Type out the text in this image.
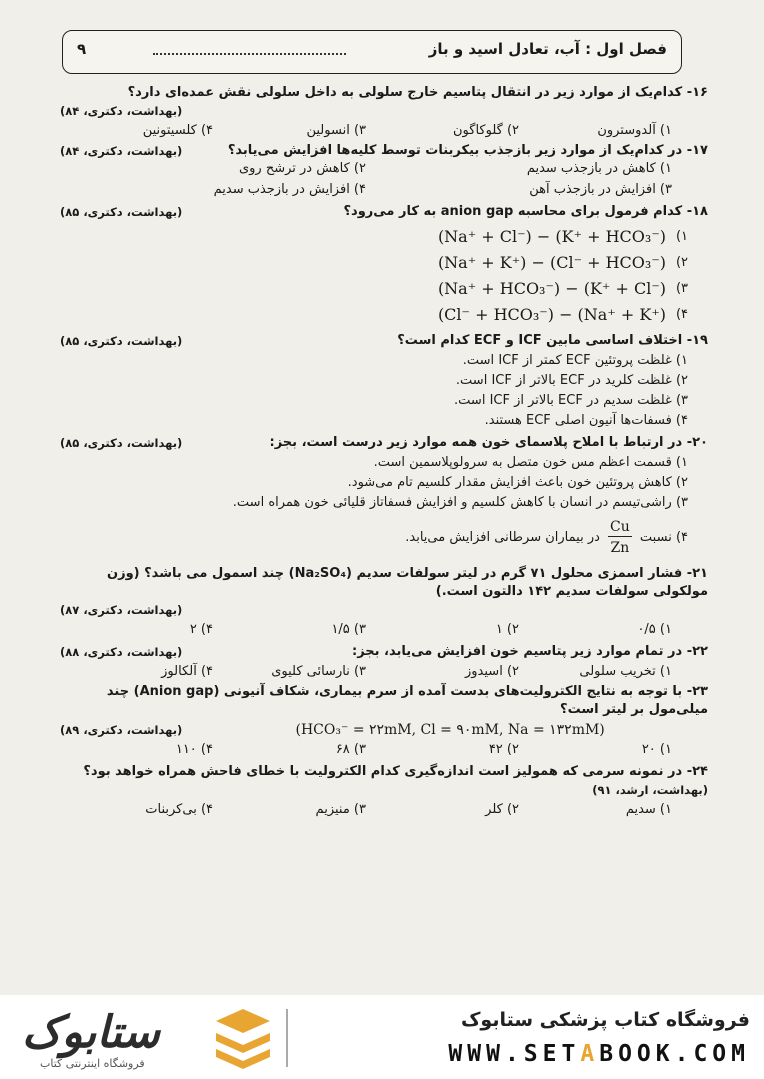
فصل اول : آب، تعادل اسید و باز
۹
۱۶- کدام‌یک از موارد زیر در انتقال پتاسیم خارج سلولی به داخل سلولی نقش عمده‌ای دارد؟
(بهداشت، دکتری، ۸۴)
۱) آلدوسترون
۲) گلوکاگون
۳) انسولین
۴) کلسیتونین
۱۷- در کدام‌یک از موارد زیر بازجذب بیکربنات توسط کلیه‌ها افزایش می‌یابد؟
(بهداشت، دکتری، ۸۴)
۱) کاهش در بازجذب سدیم
۲) کاهش در ترشح روی
۳) افزایش در بازجذب آهن
۴) افزایش در بازجذب سدیم
۱۸- کدام فرمول برای محاسبه anion gap به کار می‌رود؟
(بهداشت، دکتری، ۸۵)
۱)
(Na⁺ + Cl⁻) − (K⁺ + HCO₃⁻)
۲)
(Na⁺ + K⁺) − (Cl⁻ + HCO₃⁻)
۳)
(Na⁺ + HCO₃⁻) − (K⁺ + Cl⁻)
۴)
(Cl⁻ + HCO₃⁻) − (Na⁺ + K⁺)
۱۹- اختلاف اساسی مابین ICF و ECF کدام است؟
(بهداشت، دکتری، ۸۵)
۱) غلظت پروتئین ECF کمتر از ICF است.
۲) غلظت کلرید در ECF بالاتر از ICF است.
۳) غلظت سدیم در ECF بالاتر از ICF است.
۴) فسفات‌ها آنیون اصلی ECF هستند.
۲۰- در ارتباط با املاح پلاسمای خون همه موارد زیر درست است، بجز:
(بهداشت، دکتری، ۸۵)
۱) قسمت اعظم مس خون متصل به سرولوپلاسمین است.
۲) کاهش پروتئین خون باعث افزایش مقدار کلسیم تام می‌شود.
۳) راشی‌تیسم در انسان با کاهش کلسیم و افزایش فسفاتاز قلیائی خون همراه است.
۴) نسبت
$\frac{Cu}{Zn}$
در بیماران سرطانی افزایش می‌یابد.
۲۱- فشار اسمزی محلول ۷۱ گرم در لیتر سولفات سدیم (Na₂SO₄) چند اسمول می باشد؟ (وزن مولکولی سولفات سدیم ۱۴۲ دالتون است.)
(بهداشت، دکتری، ۸۷)
۱) ۰/۵
۲) ۱
۳) ۱/۵
۴) ۲
۲۲- در تمام موارد زیر پتاسیم خون افزایش می‌یابد، بجز:
(بهداشت، دکتری، ۸۸)
۱) تخریب سلولی
۲) اسیدوز
۳) نارسائی کلیوی
۴) آلکالوز
۲۳- با توجه به نتایج الکترولیت‌های بدست آمده از سرم بیماری، شکاف آنیونی (Anion gap) چند میلی‌مول بر لیتر است؟
(HCO₃⁻ = ۲۲mM, Cl = ۹۰mM, Na = ۱۳۲mM)
(بهداشت، دکتری، ۸۹)
۱) ۲۰
۲) ۴۲
۳) ۶۸
۴) ۱۱۰
۲۴- در نمونه سرمی که همولیز است اندازه‌گیری کدام الکترولیت با خطای فاحش همراه خواهد بود؟
(بهداشت، ارشد، ۹۱)
۱) سدیم
۲) کلر
۳) منیزیم
۴) بی‌کربنات
ستابوک
فروشگاه اینترنتی کتاب
فروشگاه کتاب پزشکی ستابوک
WWW.SETABOOK.COM
